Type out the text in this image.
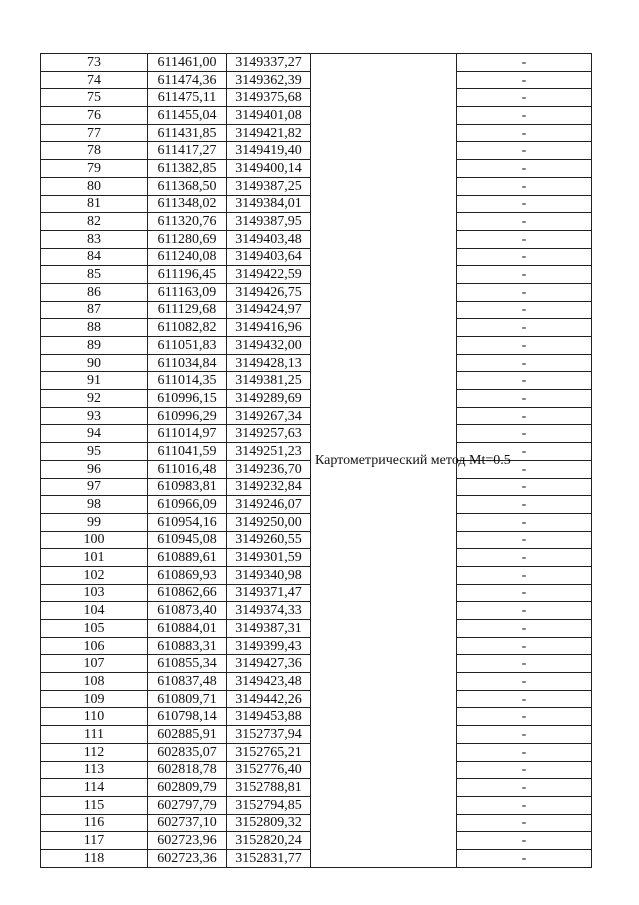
73	611461,00	3149337,27	Картометрический метод Mt=0.5	-
74	611474,36	3149362,39		-
75	611475,11	3149375,68		-
76	611455,04	3149401,08		-
77	611431,85	3149421,82		-
78	611417,27	3149419,40		-
79	611382,85	3149400,14		-
80	611368,50	3149387,25		-
81	611348,02	3149384,01		-
82	611320,76	3149387,95		-
83	611280,69	3149403,48		-
84	611240,08	3149403,64		-
85	611196,45	3149422,59		-
86	611163,09	3149426,75		-
87	611129,68	3149424,97		-
88	611082,82	3149416,96		-
89	611051,83	3149432,00		-
90	611034,84	3149428,13		-
91	611014,35	3149381,25		-
92	610996,15	3149289,69		-
93	610996,29	3149267,34		-
94	611014,97	3149257,63		-
95	611041,59	3149251,23		-
96	611016,48	3149236,70		-
97	610983,81	3149232,84		-
98	610966,09	3149246,07		-
99	610954,16	3149250,00		-
100	610945,08	3149260,55		-
101	610889,61	3149301,59		-
102	610869,93	3149340,98		-
103	610862,66	3149371,47		-
104	610873,40	3149374,33		-
105	610884,01	3149387,31		-
106	610883,31	3149399,43		-
107	610855,34	3149427,36		-
108	610837,48	3149423,48		-
109	610809,71	3149442,26		-
110	610798,14	3149453,88		-
111	602885,91	3152737,94		-
112	602835,07	3152765,21		-
113	602818,78	3152776,40		-
114	602809,79	3152788,81		-
115	602797,79	3152794,85		-
116	602737,10	3152809,32		-
117	602723,96	3152820,24		-
118	602723,36	3152831,77		-
